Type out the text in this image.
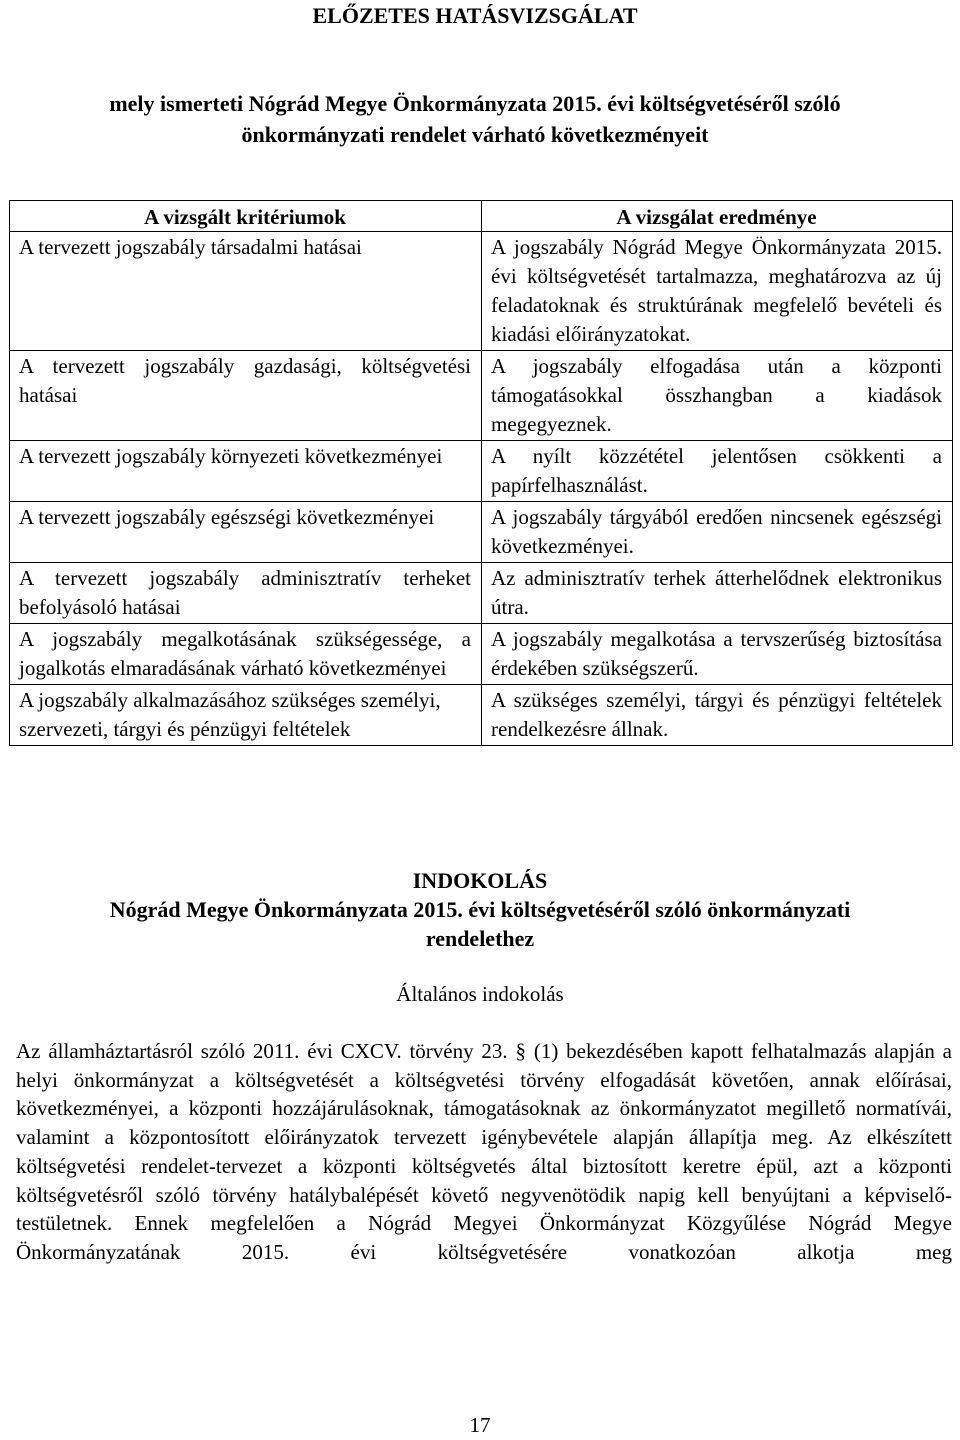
ELŐZETES HATÁSVIZSGÁLAT
mely ismerteti Nógrád Megye Önkormányzata 2015. évi költségvetéséről szóló
önkormányzati rendelet várható következményeit
A vizsgált kritériumok	A vizsgálat eredménye
A tervezett jogszabály társadalmi hatásai	A jogszabály Nógrád Megye Önkormányzata 2015. évi költségvetését tartalmazza, meghatározva az új feladatoknak és struktúrának megfelelő bevételi és kiadási előirányzatokat.
A tervezett jogszabály gazdasági, költségvetési hatásai	A jogszabály elfogadása után a központi támogatásokkal összhangban a kiadások megegyeznek.
A tervezett jogszabály környezeti következményei	A nyílt közzététel jelentősen csökkenti a papírfelhasználást.
A tervezett jogszabály egészségi következményei	A jogszabály tárgyából eredően nincsenek egészségi következményei.
A tervezett jogszabály adminisztratív terheket befolyásoló hatásai	Az adminisztratív terhek átterhelődnek elektronikus útra.
A jogszabály megalkotásának szükségessége, a jogalkotás elmaradásának várható következményei	A jogszabály megalkotása a tervszerűség biztosítása érdekében szükségszerű.
A jogszabály alkalmazásához szükséges személyi, szervezeti, tárgyi és pénzügyi feltételek	A szükséges személyi, tárgyi és pénzügyi feltételek rendelkezésre állnak.
INDOKOLÁS
Nógrád Megye Önkormányzata 2015. évi költségvetéséről szóló önkormányzati
rendelethez
Általános indokolás
Az államháztartásról szóló 2011. évi CXCV. törvény 23. § (1) bekezdésében kapott felhatalmazás alapján a helyi önkormányzat a költségvetését a költségvetési törvény elfogadását követően, annak előírásai, következményei, a központi hozzájárulásoknak, támogatásoknak az önkormányzatot megillető normatívái, valamint a központosított előirányzatok tervezett igénybevétele alapján állapítja meg. Az elkészített költségvetési rendelet-tervezet a központi költségvetés által biztosított keretre épül, azt a központi költségvetésről szóló törvény hatálybalépését követő negyvenötödik napig kell benyújtani a képviselő-testületnek. Ennek megfelelően a Nógrád Megyei Önkormányzat Közgyűlése Nógrád Megye Önkormányzatának 2015. évi költségvetésére vonatkozóan alkotja meg
17
